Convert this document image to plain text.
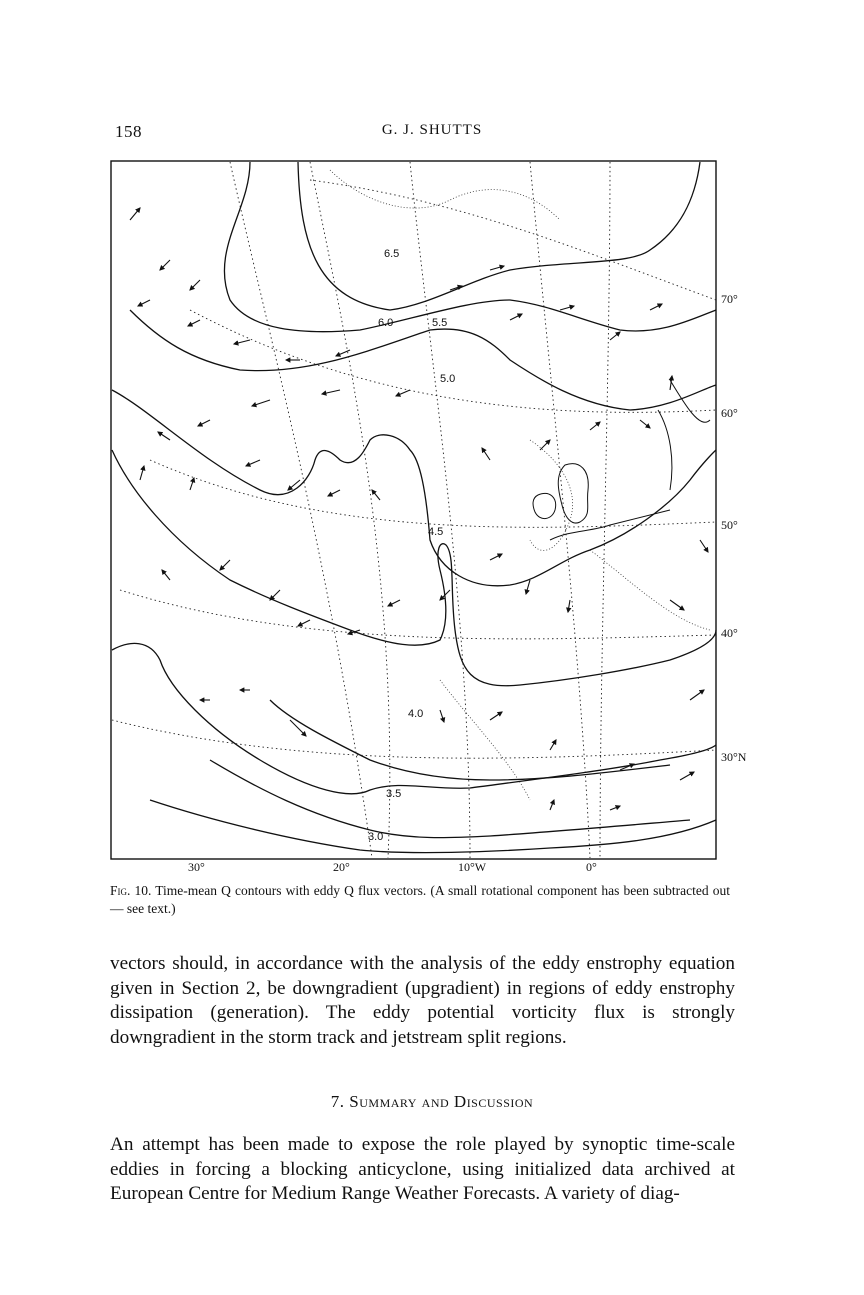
158	G. J. SHUTTS
6.5
6.0	5.5
5.0
4.5
4.0
3.5
3.0
70°
60°
50°
40°
30°N
30°	20°	10°W	0°
Fig. 10. Time-mean Q contours with eddy Q flux vectors. (A small rotational component has been subtracted out — see text.)
vectors should, in accordance with the analysis of the eddy enstrophy equation given in Section 2, be downgradient (upgradient) in regions of eddy enstrophy dissipation (generation). The eddy potential vorticity flux is strongly downgradient in the storm track and jetstream split regions.
7. Summary and Discussion
An attempt has been made to expose the role played by synoptic time-scale eddies in forcing a blocking anticyclone, using initialized data archived at European Centre for Medium Range Weather Forecasts. A variety of diag-
